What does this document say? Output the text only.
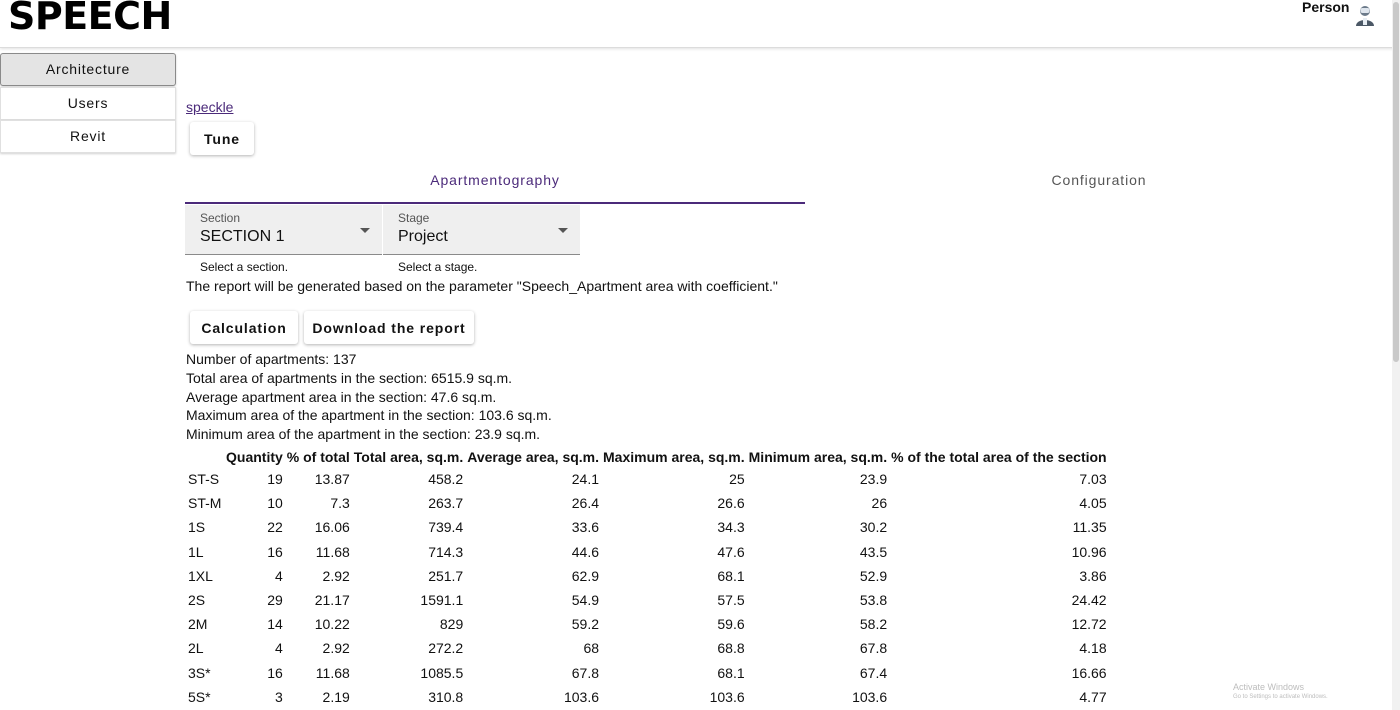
SPEECH	Person
Architecture
Users
Revit
speckle
Tune
Apartmentography	Configuration
Section
SECTION 1
Stage
Project
Select a section.	Select a stage.
The report will be generated based on the parameter "Speech_Apartment area with coefficient."
Calculation	Download the report
Number of apartments: 137
Total area of apartments in the section: 6515.9 sq.m.
Average apartment area in the section: 47.6 sq.m.
Maximum area of the apartment in the section: 103.6 sq.m.
Minimum area of the apartment in the section: 23.9 sq.m.
	Quantity	% of total	Total area, sq.m.	Average area, sq.m.	Maximum area, sq.m.	Minimum area, sq.m.	% of the total area of the section
ST-S	19	13.87	458.2	24.1	25	23.9	7.03
ST-M	10	7.3	263.7	26.4	26.6	26	4.05
1S	22	16.06	739.4	33.6	34.3	30.2	11.35
1L	16	11.68	714.3	44.6	47.6	43.5	10.96
1XL	4	2.92	251.7	62.9	68.1	52.9	3.86
2S	29	21.17	1591.1	54.9	57.5	53.8	24.42
2M	14	10.22	829	59.2	59.6	58.2	12.72
2L	4	2.92	272.2	68	68.8	67.8	4.18
3S*	16	11.68	1085.5	67.8	68.1	67.4	16.66
5S*	3	2.19	310.8	103.6	103.6	103.6	4.77
Activate Windows
Go to Settings to activate Windows.
